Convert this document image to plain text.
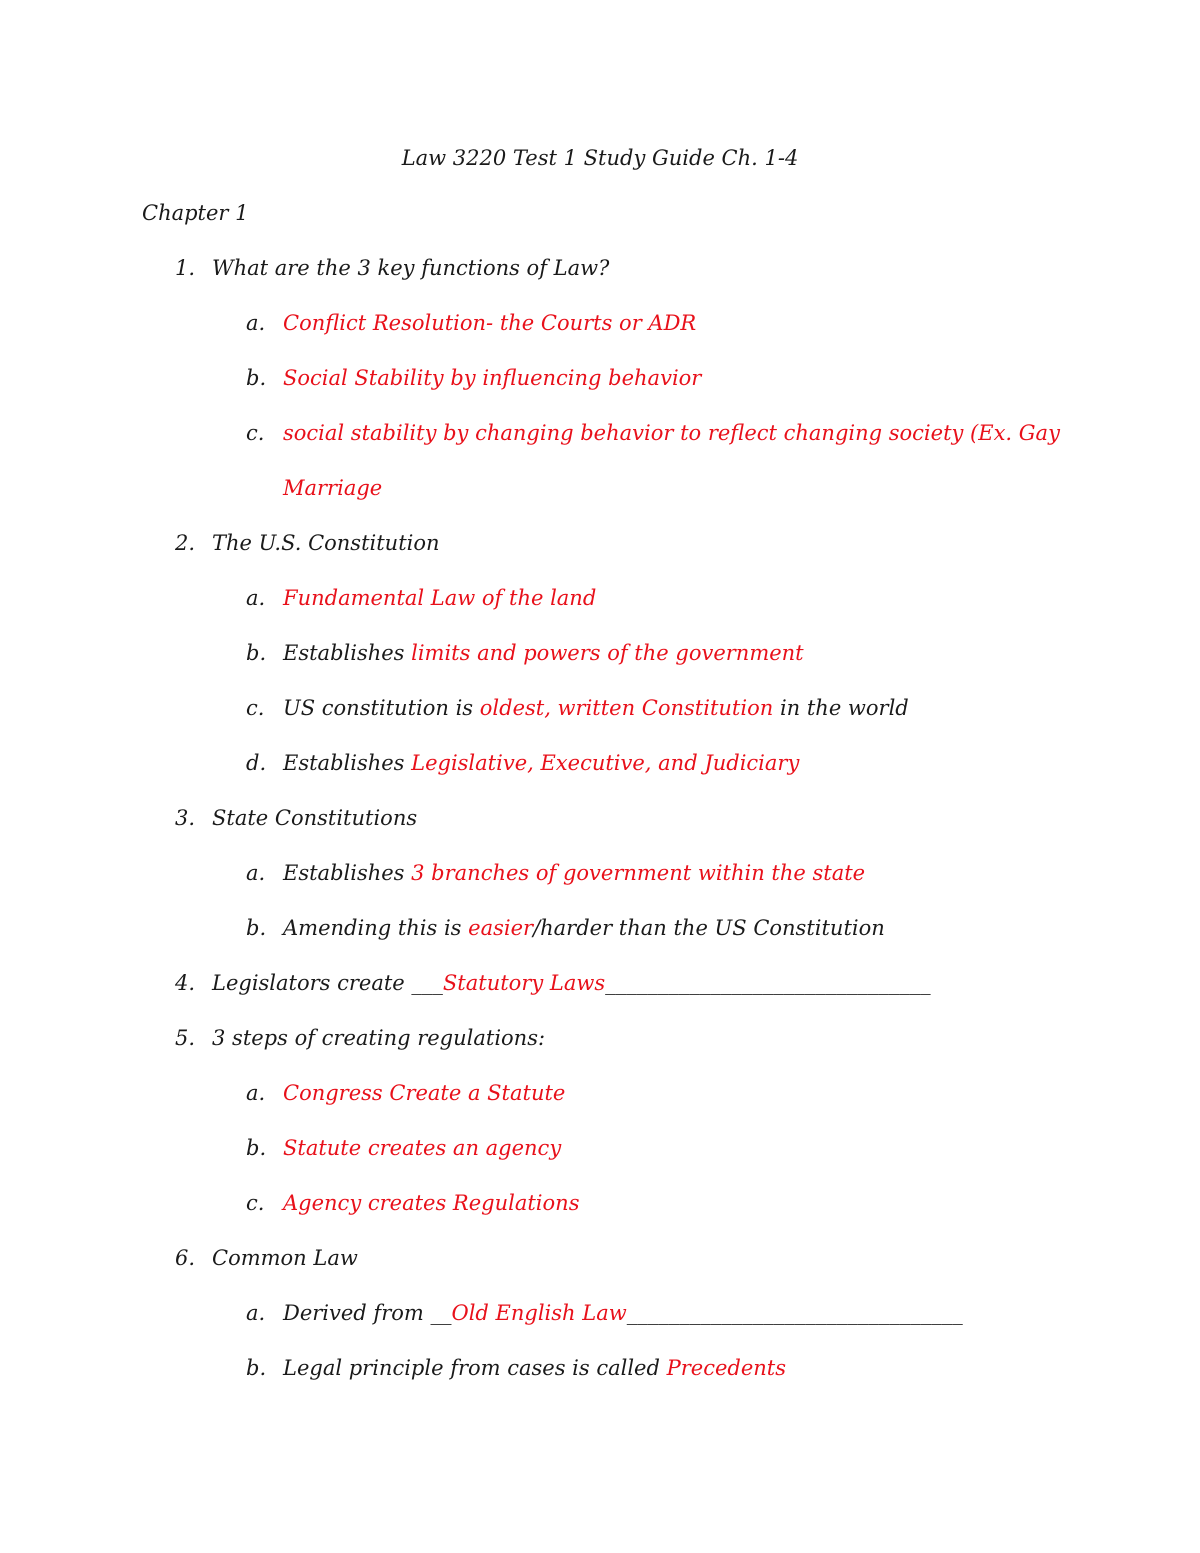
Law 3220 Test 1 Study Guide Ch. 1-4
Chapter 1
1. What are the 3 key functions of Law?
a. Conflict Resolution- the Courts or ADR
b. Social Stability by influencing behavior
c. social stability by changing behavior to reflect changing society (Ex. Gay
Marriage
2. The U.S. Constitution
a. Fundamental Law of the land
b. Establishes limits and powers of the government
c. US constitution is oldest, written Constitution in the world
d. Establishes Legislative, Executive, and Judiciary
3. State Constitutions
a. Establishes 3 branches of government within the state
b. Amending this is easier/harder than the US Constitution
4. Legislators create ___Statutory Laws_______________________________
5. 3 steps of creating regulations:
a. Congress Create a Statute
b. Statute creates an agency
c. Agency creates Regulations
6. Common Law
a. Derived from __Old English Law________________________________
b. Legal principle from cases is called Precedents
